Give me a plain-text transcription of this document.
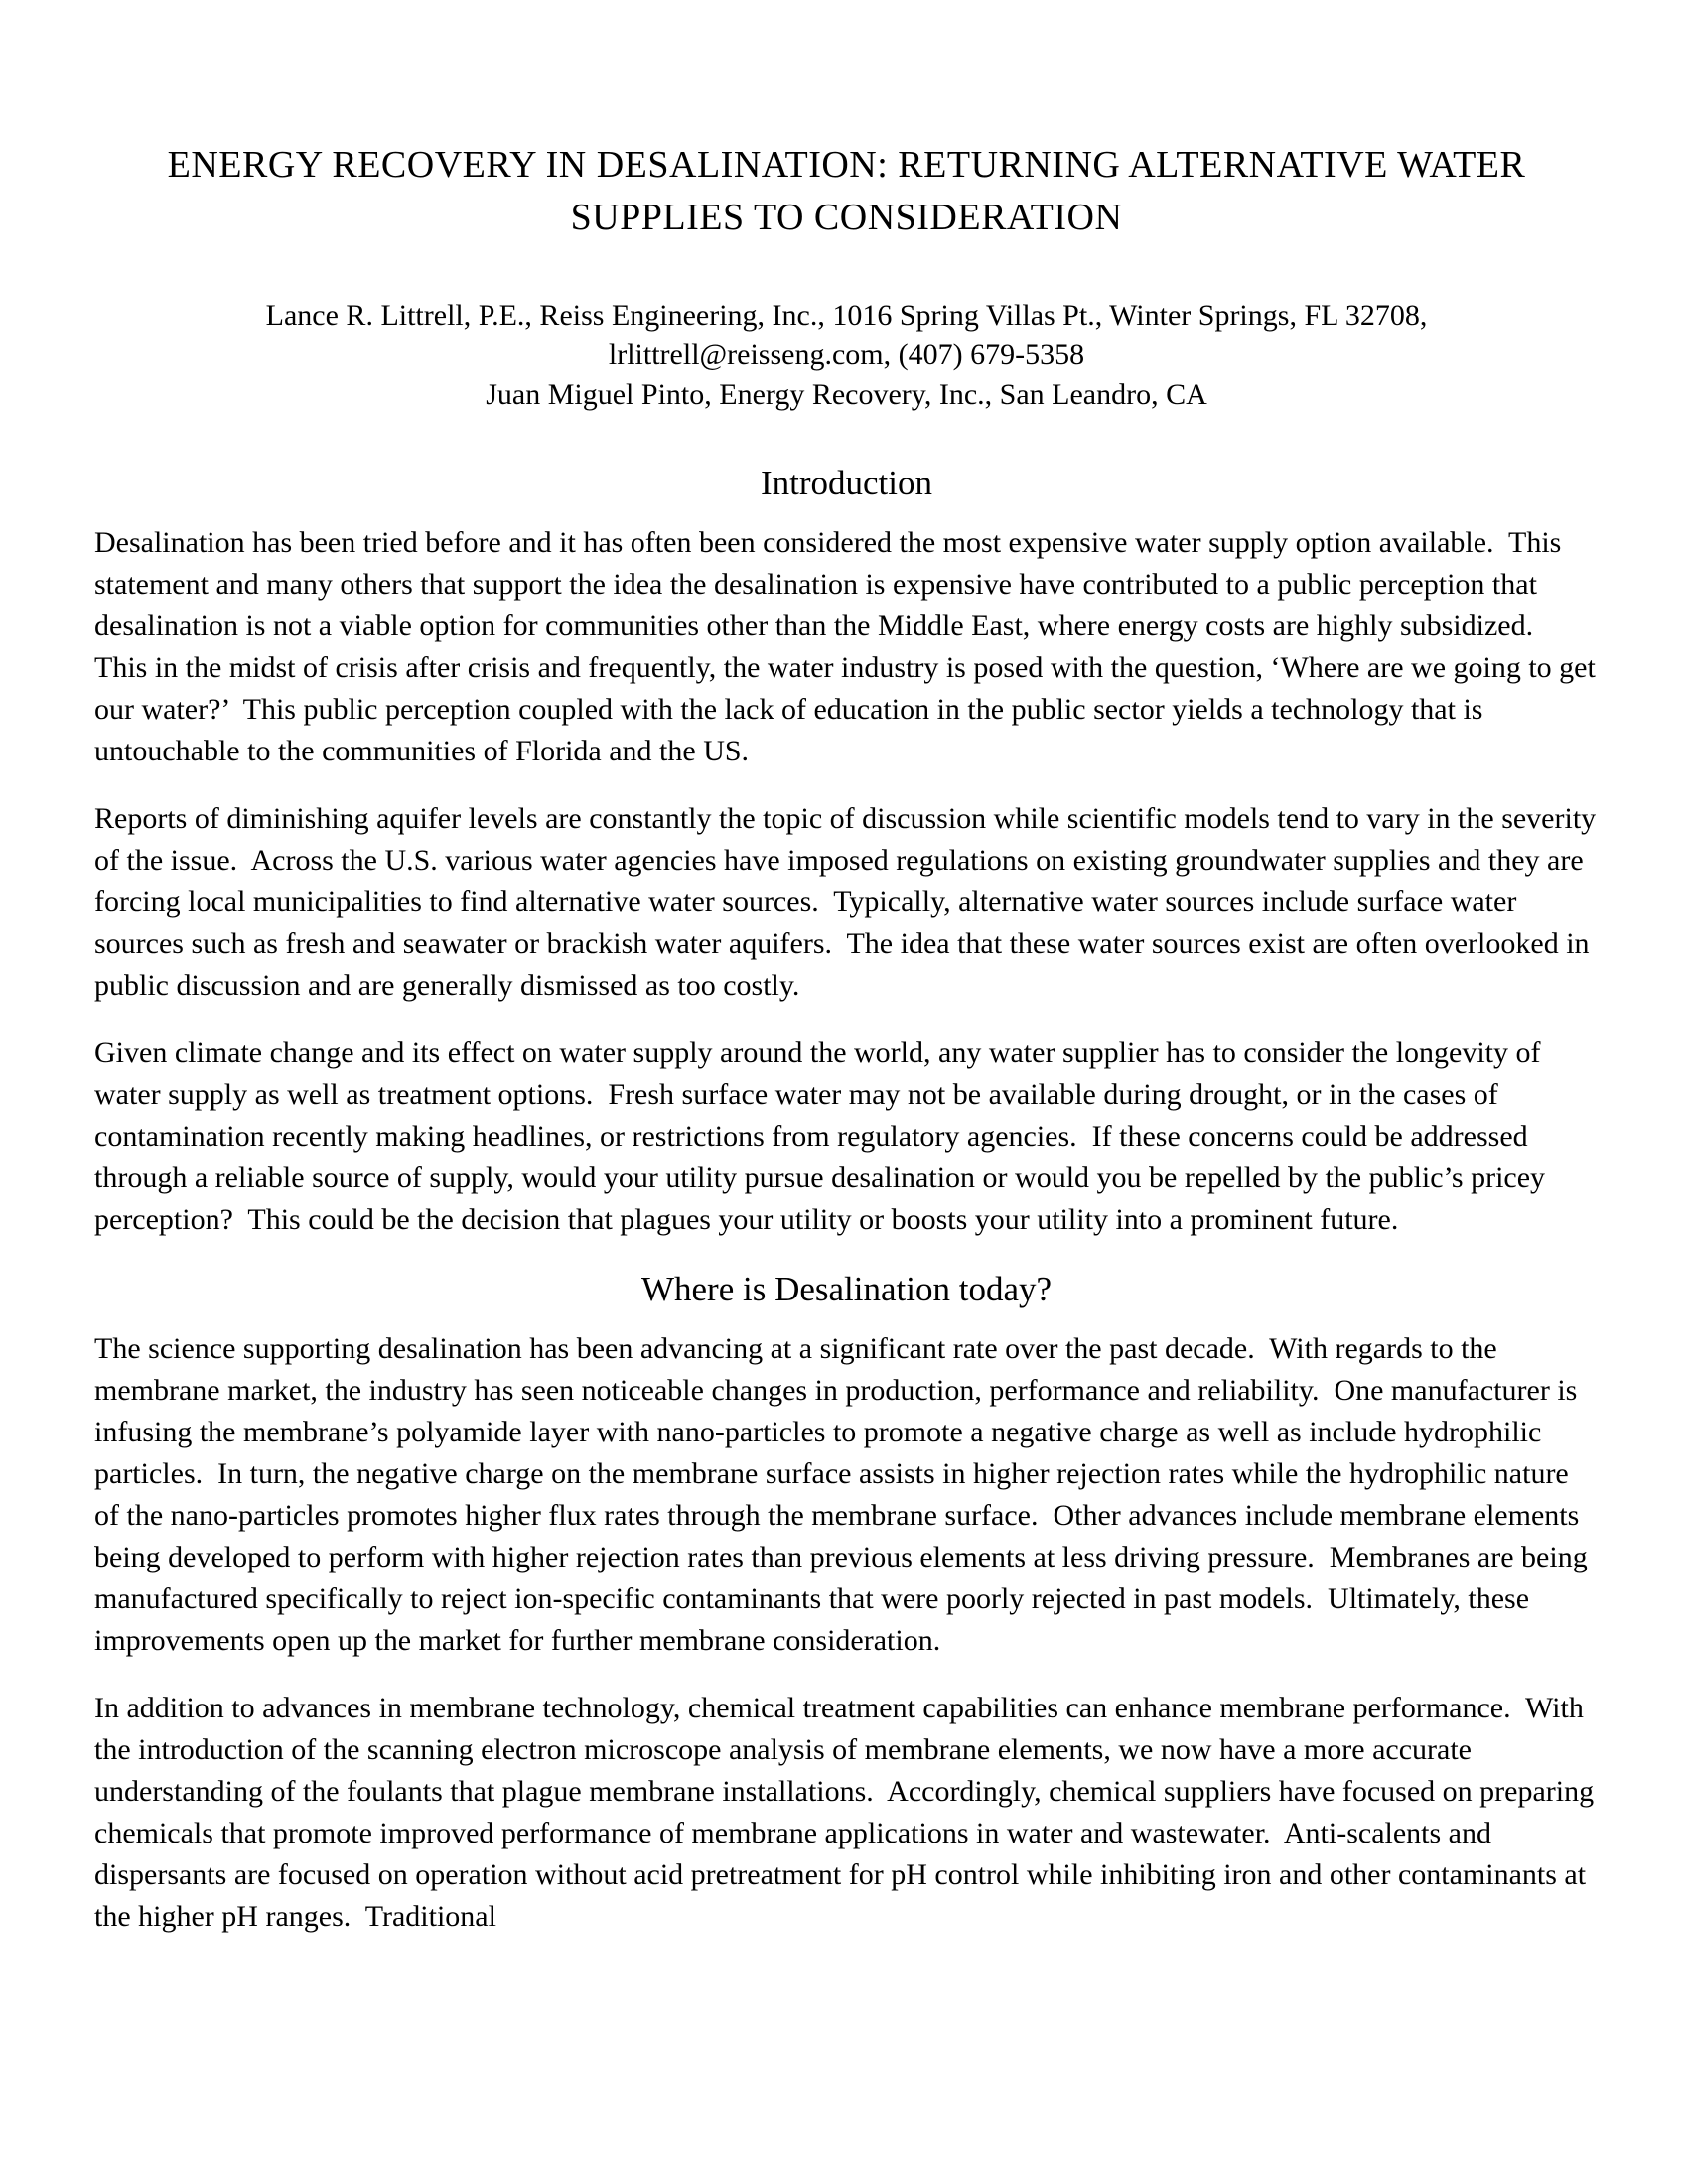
ENERGY RECOVERY IN DESALINATION: RETURNING ALTERNATIVE WATER SUPPLIES TO CONSIDERATION
Lance R. Littrell, P.E., Reiss Engineering, Inc., 1016 Spring Villas Pt., Winter Springs, FL 32708,
lrlittrell@reisseng.com, (407) 679-5358
Juan Miguel Pinto, Energy Recovery, Inc., San Leandro, CA
Introduction

Desalination has been tried before and it has often been considered the most expensive water supply option available.  This statement and many others that support the idea the desalination is expensive have contributed to a public perception that desalination is not a viable option for communities other than the Middle East, where energy costs are highly subsidized.  This in the midst of crisis after crisis and frequently, the water industry is posed with the question, ‘Where are we going to get our water?’  This public perception coupled with the lack of education in the public sector yields a technology that is untouchable to the communities of Florida and the US.

Reports of diminishing aquifer levels are constantly the topic of discussion while scientific models tend to vary in the severity of the issue.  Across the U.S. various water agencies have imposed regulations on existing groundwater supplies and they are forcing local municipalities to find alternative water sources.  Typically, alternative water sources include surface water sources such as fresh and seawater or brackish water aquifers.  The idea that these water sources exist are often overlooked in public discussion and are generally dismissed as too costly.

Given climate change and its effect on water supply around the world, any water supplier has to consider the longevity of water supply as well as treatment options.  Fresh surface water may not be available during drought, or in the cases of contamination recently making headlines, or restrictions from regulatory agencies.  If these concerns could be addressed through a reliable source of supply, would your utility pursue desalination or would you be repelled by the public’s pricey perception?  This could be the decision that plagues your utility or boosts your utility into a prominent future.

Where is Desalination today?

The science supporting desalination has been advancing at a significant rate over the past decade.  With regards to the membrane market, the industry has seen noticeable changes in production, performance and reliability.  One manufacturer is infusing the membrane’s polyamide layer with nano-particles to promote a negative charge as well as include hydrophilic particles.  In turn, the negative charge on the membrane surface assists in higher rejection rates while the hydrophilic nature of the nano-particles promotes higher flux rates through the membrane surface.  Other advances include membrane elements being developed to perform with higher rejection rates than previous elements at less driving pressure.  Membranes are being manufactured specifically to reject ion-specific contaminants that were poorly rejected in past models.  Ultimately, these improvements open up the market for further membrane consideration.

In addition to advances in membrane technology, chemical treatment capabilities can enhance membrane performance.  With the introduction of the scanning electron microscope analysis of membrane elements, we now have a more accurate understanding of the foulants that plague membrane installations.  Accordingly, chemical suppliers have focused on preparing chemicals that promote improved performance of membrane applications in water and wastewater.  Anti-scalents and dispersants are focused on operation without acid pretreatment for pH control while inhibiting iron and other contaminants at the higher pH ranges.  Traditional
